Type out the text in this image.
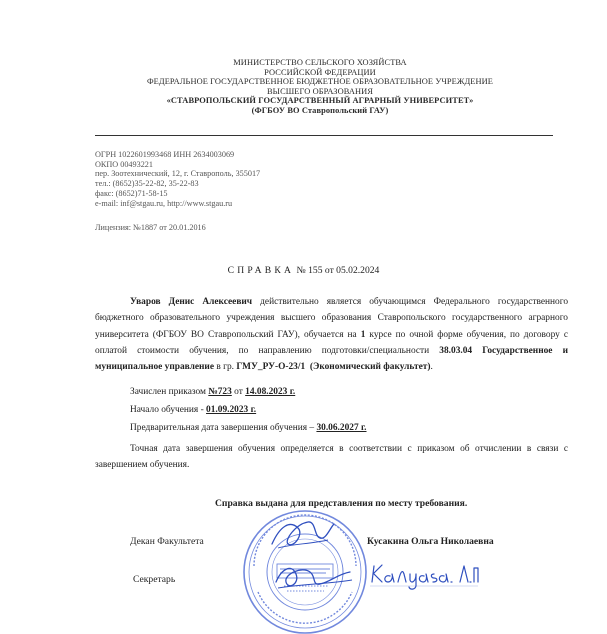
МИНИСТЕРСТВО СЕЛЬСКОГО ХОЗЯЙСТВА
РОССИЙСКОЙ ФЕДЕРАЦИИ
ФЕДЕРАЛЬНОЕ ГОСУДАРСТВЕННОЕ БЮДЖЕТНОЕ ОБРАЗОВАТЕЛЬНОЕ УЧРЕЖДЕНИЕ
ВЫСШЕГО ОБРАЗОВАНИЯ
«СТАВРОПОЛЬСКИЙ ГОСУДАРСТВЕННЫЙ АГРАРНЫЙ УНИВЕРСИТЕТ»
(ФГБОУ ВО Ставропольский ГАУ)
ОГРН 1022601993468 ИНН 2634003069
ОКПО 00493221
пер. Зоотехнический, 12, г. Ставрополь, 355017
тел.: (8652)35-22-82, 35-22-83
факс: (8652)71-58-15
e-mail: inf@stgau.ru, http://www.stgau.ru
Лицензия: №1887 от 20.01.2016
СПРАВКА № 155 от 05.02.2024
Уваров Денис Алексеевич действительно является обучающимся Федерального государственного бюджетного образовательного учреждения высшего образования Ставропольского государственного аграрного университета (ФГБОУ ВО Ставропольский ГАУ), обучается на 1 курсе по очной форме обучения, по договору с оплатой стоимости обучения, по направлению подготовки/специальности 38.03.04 Государственное и муниципальное управление в гр. ГМУ_РУ-О-23/1 (Экономический факультет).
Зачислен приказом №723 от 14.08.2023 г.
Начало обучения - 01.09.2023 г.
Предварительная дата завершения обучения – 30.06.2027 г.
Точная дата завершения обучения определяется в соответствии с приказом об отчислении в связи с завершением обучения.
Справка выдана для представления по месту требования.
Декан Факультета	Кусакина Ольга Николаевна
Секретарь
